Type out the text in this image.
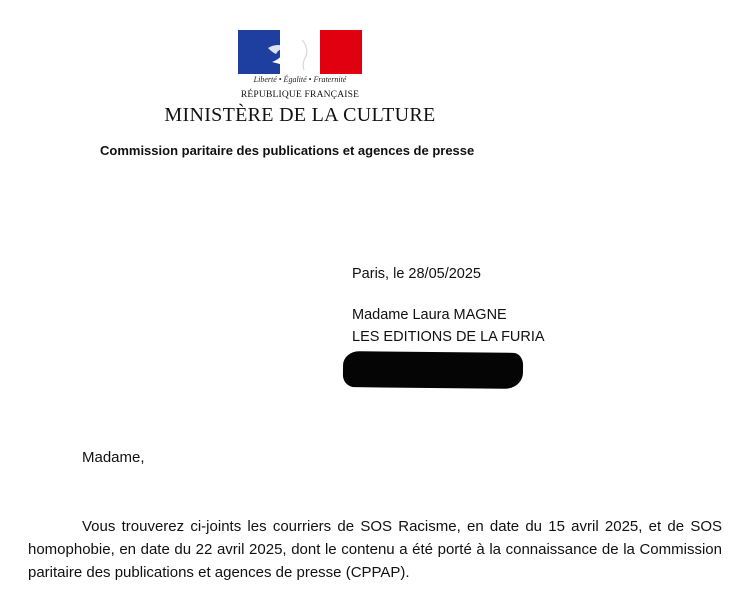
Liberté • Égalité • Fraternité
RÉPUBLIQUE FRANÇAISE
MINISTÈRE DE LA CULTURE
Commission paritaire des publications et agences de presse
Paris, le 28/05/2025
Madame Laura MAGNE
LES EDITIONS DE LA FURIA
Madame,

Vous trouverez ci-joints les courriers de SOS Racisme, en date du 15 avril 2025, et de SOS homophobie, en date du 22 avril 2025, dont le contenu a été porté à la connaissance de la Commission paritaire des publications et agences de presse (CPPAP).
